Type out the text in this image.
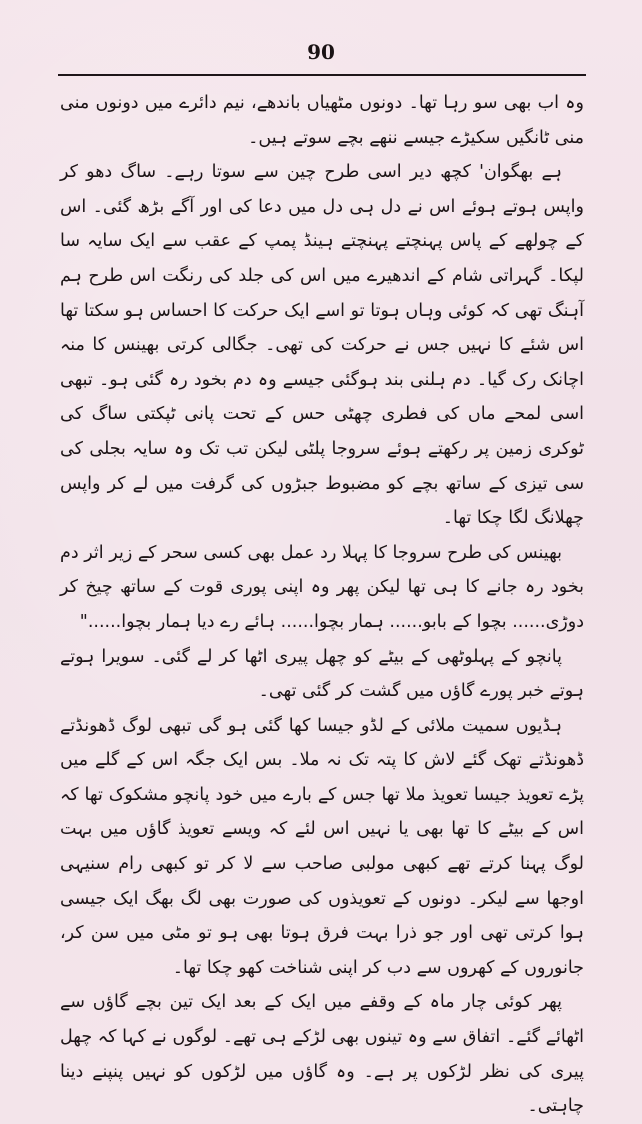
90

وہ اب بھی سو رہا تھا۔ دونوں مٹھیاں باندھے، نیم دائرے میں دونوں منی منی ٹانگیں سکیڑے جیسے ننھے بچے سوتے ہیں۔

ہے بھگوان' کچھ دیر اسی طرح چین سے سوتا رہے۔ ساگ دھو کر واپس ہوتے ہوئے اس نے دل ہی دل میں دعا کی اور آگے بڑھ گئی۔ اس کے چولھے کے پاس پہنچتے پہنچتے ہینڈ پمپ کے عقب سے ایک سایہ سا لپکا۔ گہراتی شام کے اندھیرے میں اس کی جلد کی رنگت اس طرح ہم آہنگ تھی کہ کوئی وہاں ہوتا تو اسے ایک حرکت کا احساس ہو سکتا تھا اس شئے کا نہیں جس نے حرکت کی تھی۔ جگالی کرتی بھینس کا منہ اچانک رک گیا۔ دم ہلنی بند ہوگئی جیسے وہ دم بخود رہ گئی ہو۔ تبھی اسی لمحے ماں کی فطری چھٹی حس کے تحت پانی ٹپکتی ساگ کی ٹوکری زمین پر رکھتے ہوئے سروجا پلٹی لیکن تب تک وہ سایہ بجلی کی سی تیزی کے ساتھ بچے کو مضبوط جبڑوں کی گرفت میں لے کر واپس چھلانگ لگا چکا تھا۔

بھینس کی طرح سروجا کا پہلا رد عمل بھی کسی سحر کے زیر اثر دم بخود رہ جانے کا ہی تھا لیکن پھر وہ اپنی پوری قوت کے ساتھ چیخ کر دوڑی...... بچوا کے بابو...... ہمار بچوا...... ہائے رے دیا ہمار بچوا......"

پانچو کے پہلوٹھی کے بیٹے کو چھل پیری اٹھا کر لے گئی۔ سویرا ہوتے ہوتے خبر پورے گاؤں میں گشت کر گئی تھی۔

ہڈیوں سمیت ملائی کے لڈو جیسا کھا گئی ہو گی تبھی لوگ ڈھونڈتے ڈھونڈتے تھک گئے لاش کا پتہ تک نہ ملا۔ بس ایک جگہ اس کے گلے میں پڑے تعویذ جیسا تعویذ ملا تھا جس کے بارے میں خود پانچو مشکوک تھا کہ اس کے بیٹے کا تھا بھی یا نہیں اس لئے کہ ویسے تعویذ گاؤں میں بہت لوگ پہنا کرتے تھے کبھی مولبی صاحب سے لا کر تو کبھی رام سنیہی اوجھا سے لیکر۔ دونوں کے تعویذوں کی صورت بھی لگ بھگ ایک جیسی ہوا کرتی تھی اور جو ذرا بہت فرق ہوتا بھی ہو تو مٹی میں سن کر، جانوروں کے کھروں سے دب کر اپنی شناخت کھو چکا تھا۔

پھر کوئی چار ماہ کے وقفے میں ایک کے بعد ایک تین بچے گاؤں سے اٹھائے گئے۔ اتفاق سے وہ تینوں بھی لڑکے ہی تھے۔ لوگوں نے کہا کہ چھل پیری کی نظر لڑکوں پر ہے۔ وہ گاؤں میں لڑکوں کو نہیں پنپنے دینا چاہتی۔
